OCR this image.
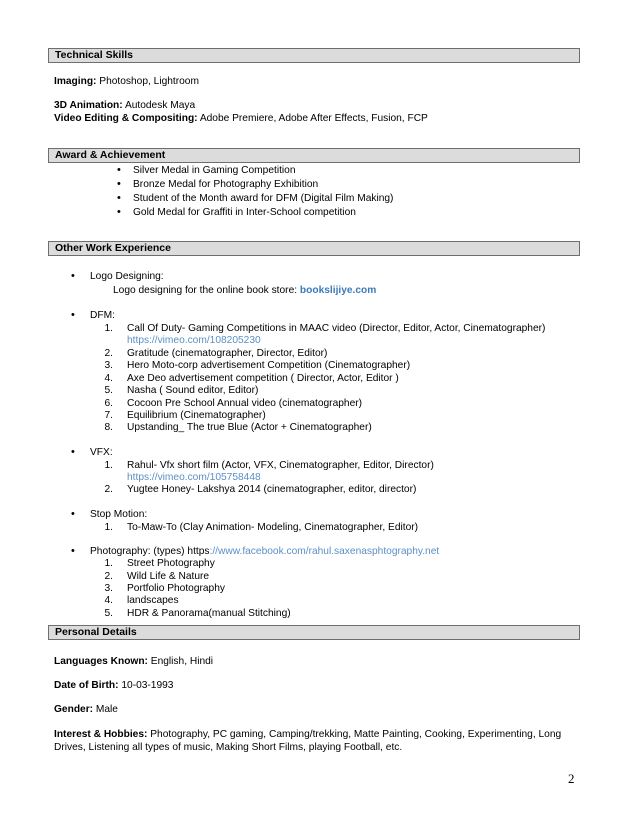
Technical Skills
Imaging: Photoshop, Lightroom
3D Animation: Autodesk Maya
Video Editing & Compositing: Adobe Premiere, Adobe After Effects, Fusion, FCP
Award & Achievement
• Silver Medal in Gaming Competition
• Bronze Medal for Photography Exhibition
• Student of the Month award for DFM (Digital Film Making)
• Gold Medal for Graffiti in Inter-School competition
Other Work Experience
• Logo Designing:
Logo designing for the online book store: bookslijiye.com
• DFM:
1. Call Of Duty- Gaming Competitions in MAAC video (Director, Editor, Actor, Cinematographer)
https://vimeo.com/108205230
2. Gratitude (cinematographer, Director, Editor)
3. Hero Moto-corp advertisement Competition (Cinematographer)
4. Axe Deo advertisement competition ( Director, Actor, Editor )
5. Nasha ( Sound editor, Editor)
6. Cocoon Pre School Annual video (cinematographer)
7. Equilibrium (Cinematographer)
8. Upstanding_ The true Blue (Actor + Cinematographer)
• VFX:
1. Rahul- Vfx short film (Actor, VFX, Cinematographer, Editor, Director)
https://vimeo.com/105758448
2. Yugtee Honey- Lakshya 2014 (cinematographer, editor, director)
• Stop Motion:
1. To-Maw-To (Clay Animation- Modeling, Cinematographer, Editor)
• Photography: (types) https://www.facebook.com/rahul.saxenasphtography.net
1. Street Photography
2. Wild Life & Nature
3. Portfolio Photography
4. landscapes
5. HDR & Panorama(manual Stitching)
Personal Details
Languages Known: English, Hindi
Date of Birth: 10-03-1993
Gender: Male
Interest & Hobbies: Photography, PC gaming, Camping/trekking, Matte Painting, Cooking, Experimenting, Long
Drives, Listening all types of music, Making Short Films, playing Football, etc.
2
